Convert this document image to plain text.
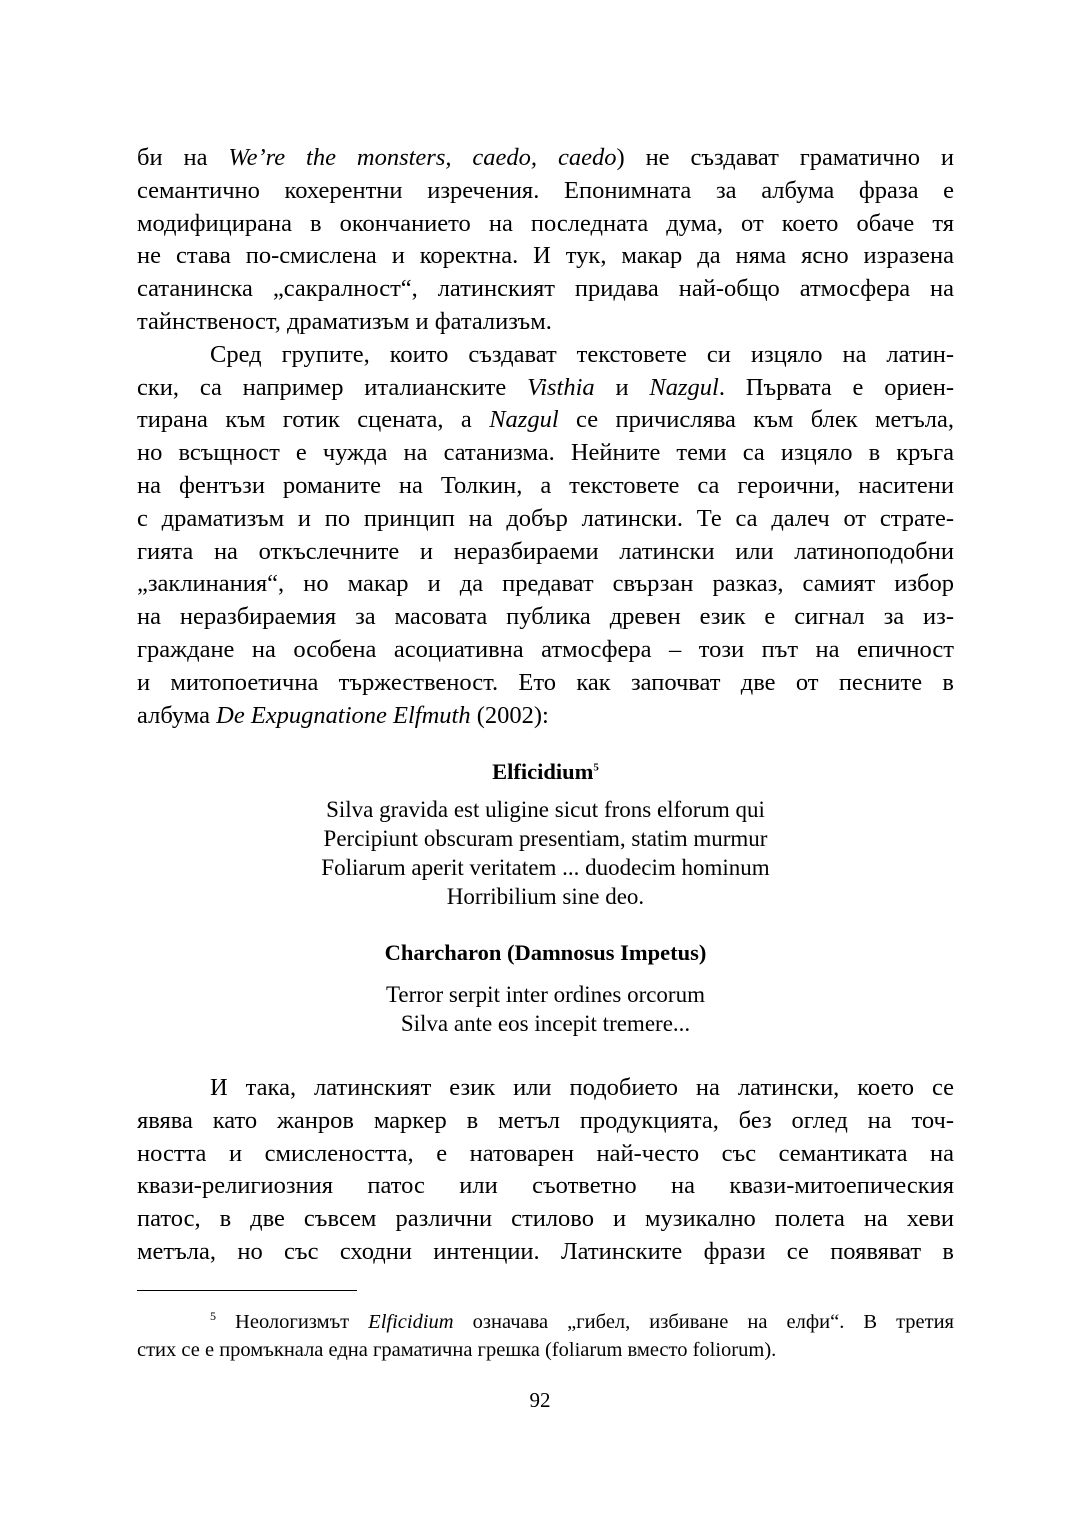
би на We’re the monsters, caedo, caedo) не създават граматично и
семантично кохерентни изречения. Епонимната за албума фраза е
модифицирана в окончанието на последната дума, от което обаче тя
не става по-смислена и коректна. И тук, макар да няма ясно изразена
сатанинска „сакралност“, латинският придава най-общо атмосфера на
тайнственост, драматизъм и фатализъм.
Сред групите, които създават текстовете си изцяло на латин-
ски, са например италианските Visthia и Nazgul. Първата е ориен-
тирана към готик сцената, а Nazgul се причислява към блек метъла,
но всъщност е чужда на сатанизма. Нейните теми са изцяло в кръга
на фентъзи романите на Толкин, а текстовете са героични, наситени
с драматизъм и по принцип на добър латински. Те са далеч от страте-
гията на откъслечните и неразбираеми латински или латиноподобни
„заклинания“, но макар и да предават свързан разказ, самият избор
на неразбираемия за масовата публика древен език е сигнал за из-
граждане на особена асоциативна атмосфера – този път на епичност
и митопоетична тържественост. Ето как започват две от песните в
албума De Expugnatione Elfmuth (2002):
Elficidium$^5$
Silva gravida est uligine sicut frons elforum qui
Percipiunt obscuram presentiam, statim murmur
Foliarum aperit veritatem ... duodecim hominum
Horribilium sine deo.
Charcharon (Damnosus Impetus)
Terror serpit inter ordines orcorum
Silva ante eos incepit tremere...
И така, латинският език или подобието на латински, което се
явява като жанров маркер в метъл продукцията, без оглед на точ-
ността и смислеността, е натоварен най-често със семантиката на
квази-религиозния патос или съответно на квази-митоепическия
патос, в две съвсем различни стилово и музикално полета на хеви
метъла, но със сходни интенции. Латинските фрази се появяват в
$^5$ Неологизмът Elficidium означава „гибел, избиване на елфи“. В третия
стих се е промъкнала една граматична грешка (foliarum вместо foliorum).
92
